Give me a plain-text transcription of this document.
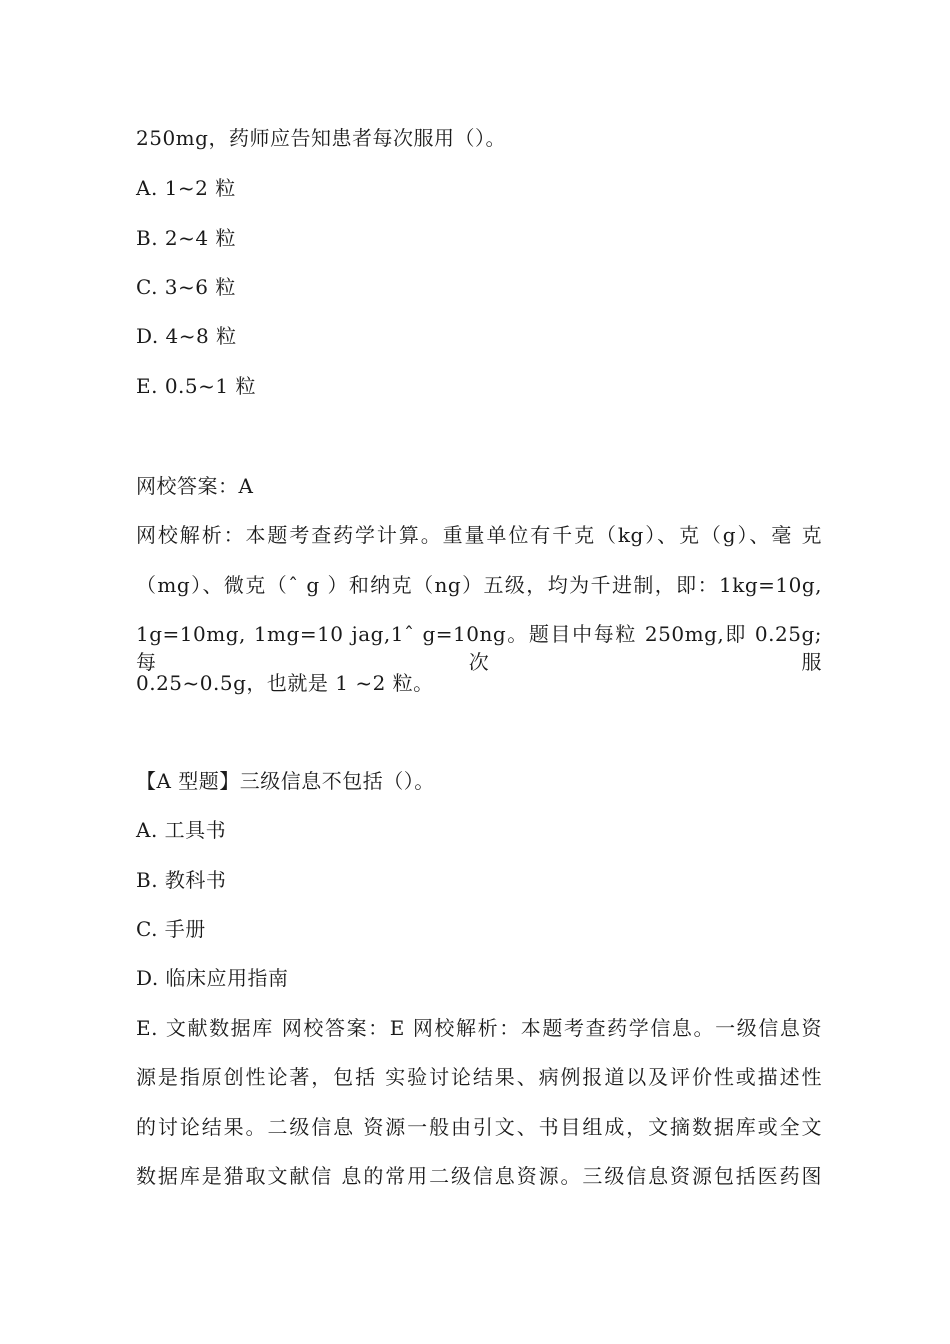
250mg，药师应告知患者每次服用（）。
A. 1~2 粒
B. 2~4 粒
C. 3~6 粒
D. 4~8 粒
E. 0.5~1 粒
网校答案：A
网校解析：本题考查药学计算。重量单位有千克（kg）、克（g）、毫 克
（mg）、微克（ˆ g ）和纳克（ng）五级，均为千进制，即：1kg=10g,
1g=10mg, 1mg=10 jag,1ˆ g=10ng。题目中每粒 250mg,即 0.25g; 每次服
0.25~0.5g，也就是 1 ~2 粒。
【A 型题】三级信息不包括（）。
A. 工具书
B. 教科书
C. 手册
D. 临床应用指南
E. 文献数据库 网校答案：E 网校解析：本题考查药学信息。一级信息资
源是指原创性论著，包括 实验讨论结果、病例报道以及评价性或描述性
的讨论结果。二级信息 资源一般由引文、书目组成，文摘数据库或全文
数据库是猎取文献信 息的常用二级信息资源。三级信息资源包括医药图
